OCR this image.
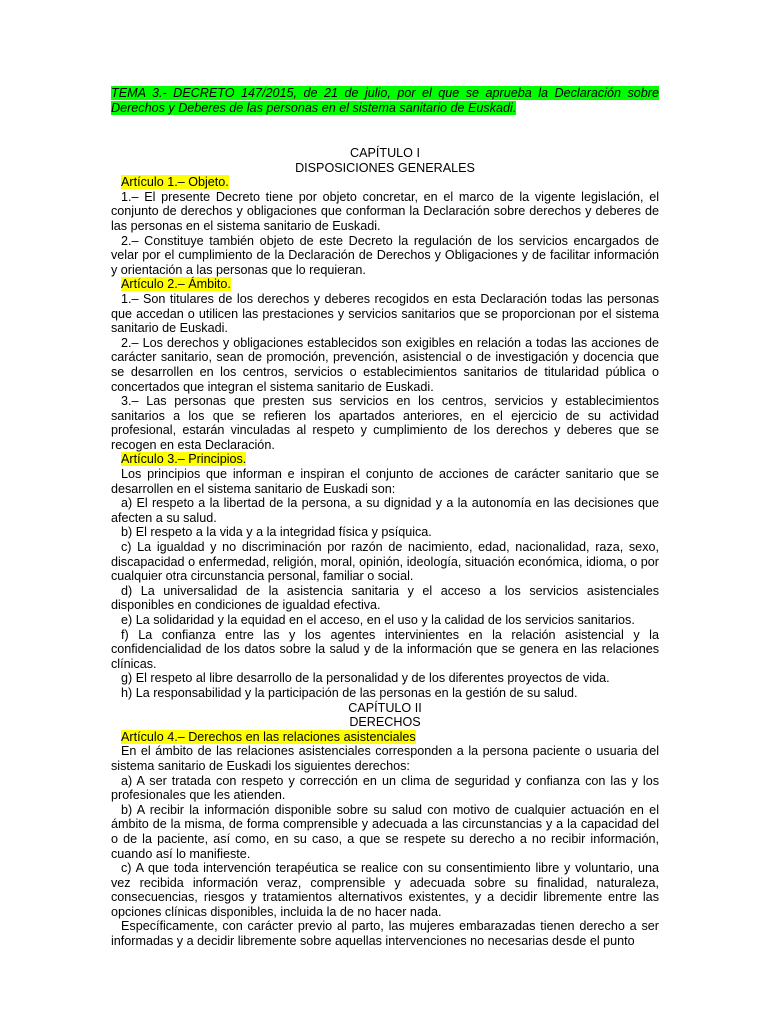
TEMA 3.- DECRETO 147/2015, de 21 de julio, por el que se aprueba la Declaración sobre Derechos y Deberes de las personas en el sistema sanitario de Euskadi.

CAPÍTULO I

DISPOSICIONES GENERALES

Artículo 1.– Objeto.

1.– El presente Decreto tiene por objeto concretar, en el marco de la vigente legislación, el conjunto de derechos y obligaciones que conforman la Declaración sobre derechos y deberes de las personas en el sistema sanitario de Euskadi.

2.– Constituye también objeto de este Decreto la regulación de los servicios encargados de velar por el cumplimiento de la Declaración de Derechos y Obligaciones y de facilitar información y orientación a las personas que lo requieran.

Artículo 2.– Ámbito.

1.– Son titulares de los derechos y deberes recogidos en esta Declaración todas las personas que accedan o utilicen las prestaciones y servicios sanitarios que se proporcionan por el sistema sanitario de Euskadi.

2.– Los derechos y obligaciones establecidos son exigibles en relación a todas las acciones de carácter sanitario, sean de promoción, prevención, asistencial o de investigación y docencia que se desarrollen en los centros, servicios o establecimientos sanitarios de titularidad pública o concertados que integran el sistema sanitario de Euskadi.

3.– Las personas que presten sus servicios en los centros, servicios y establecimientos sanitarios a los que se refieren los apartados anteriores, en el ejercicio de su actividad profesional, estarán vinculadas al respeto y cumplimiento de los derechos y deberes que se recogen en esta Declaración.

Artículo 3.– Principios.

Los principios que informan e inspiran el conjunto de acciones de carácter sanitario que se desarrollen en el sistema sanitario de Euskadi son:

a) El respeto a la libertad de la persona, a su dignidad y a la autonomía en las decisiones que afecten a su salud.

b) El respeto a la vida y a la integridad física y psíquica.

c) La igualdad y no discriminación por razón de nacimiento, edad, nacionalidad, raza, sexo, discapacidad o enfermedad, religión, moral, opinión, ideología, situación económica, idioma, o por cualquier otra circunstancia personal, familiar o social.

d) La universalidad de la asistencia sanitaria y el acceso a los servicios asistenciales disponibles en condiciones de igualdad efectiva.

e) La solidaridad y la equidad en el acceso, en el uso y la calidad de los servicios sanitarios.

f) La confianza entre las y los agentes intervinientes en la relación asistencial y la confidencialidad de los datos sobre la salud y de la información que se genera en las relaciones clínicas.

g) El respeto al libre desarrollo de la personalidad y de los diferentes proyectos de vida.

h) La responsabilidad y la participación de las personas en la gestión de su salud.

CAPÍTULO II

DERECHOS

Artículo 4.– Derechos en las relaciones asistenciales

En el ámbito de las relaciones asistenciales corresponden a la persona paciente o usuaria del sistema sanitario de Euskadi los siguientes derechos:

a) A ser tratada con respeto y corrección en un clima de seguridad y confianza con las y los profesionales que les atienden.

b) A recibir la información disponible sobre su salud con motivo de cualquier actuación en el ámbito de la misma, de forma comprensible y adecuada a las circunstancias y a la capacidad del o de la paciente, así como, en su caso, a que se respete su derecho a no recibir información, cuando así lo manifieste.

c) A que toda intervención terapéutica se realice con su consentimiento libre y voluntario, una vez recibida información veraz, comprensible y adecuada sobre su finalidad, naturaleza, consecuencias, riesgos y tratamientos alternativos existentes, y a decidir libremente entre las opciones clínicas disponibles, incluida la de no hacer nada.

Específicamente, con carácter previo al parto, las mujeres embarazadas tienen derecho a ser informadas y a decidir libremente sobre aquellas intervenciones no necesarias desde el punto
